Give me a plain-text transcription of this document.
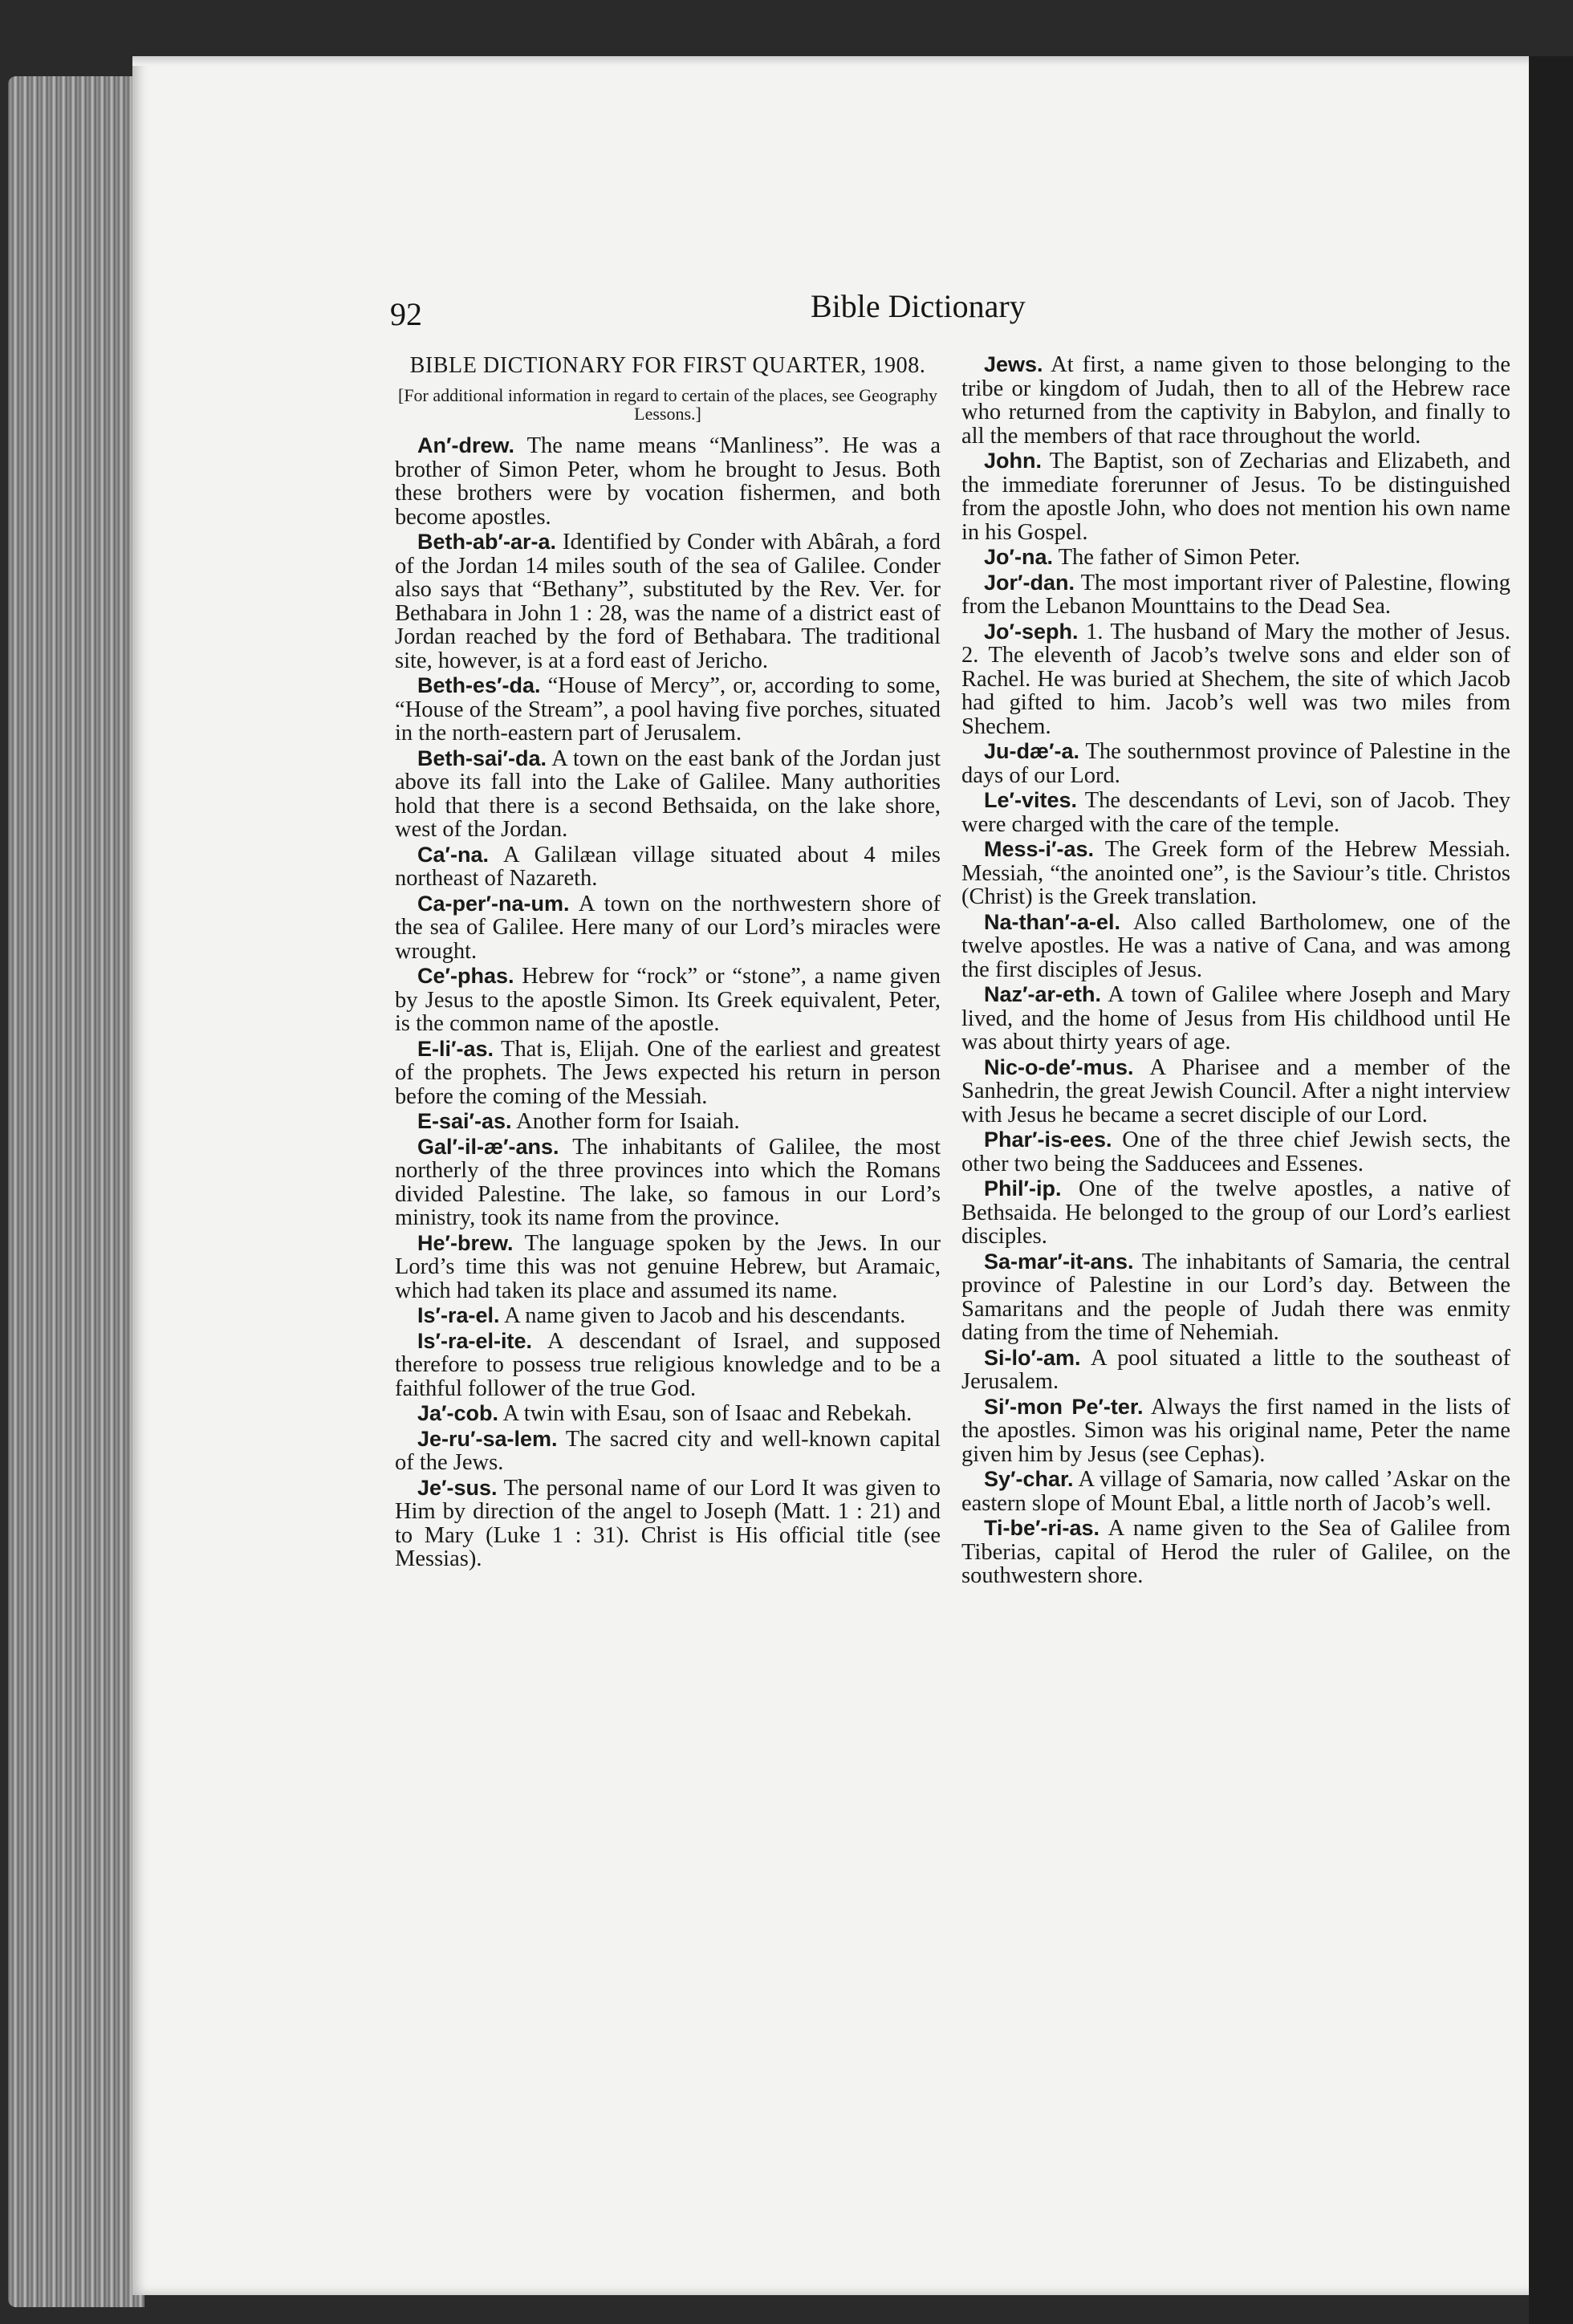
92	Bible Dictionary
BIBLE DICTIONARY FOR FIRST QUARTER, 1908.
[For additional information in regard to certain of the places, see Geography Lessons.]

An′-drew. The name means “Manliness”. He was a brother of Simon Peter, whom he brought to Jesus. Both these brothers were by vocation fishermen, and both become apostles.

Beth-ab′-ar-a. Identified by Conder with Abârah, a ford of the Jordan 14 miles south of the sea of Galilee. Conder also says that “Bethany”, substituted by the Rev. Ver. for Bethabara in John 1 : 28, was the name of a district east of Jordan reached by the ford of Bethabara. The traditional site, however, is at a ford east of Jericho.

Beth-es′-da. “House of Mercy”, or, according to some, “House of the Stream”, a pool having five porches, situated in the north-eastern part of Jerusalem.

Beth-sai′-da. A town on the east bank of the Jordan just above its fall into the Lake of Galilee. Many authorities hold that there is a second Bethsaida, on the lake shore, west of the Jordan.

Ca′-na. A Galilæan village situated about 4 miles northeast of Nazareth.

Ca-per′-na-um. A town on the northwestern shore of the sea of Galilee. Here many of our Lord’s miracles were wrought.

Ce′-phas. Hebrew for “rock” or “stone”, a name given by Jesus to the apostle Simon. Its Greek equivalent, Peter, is the common name of the apostle.

E-li′-as. That is, Elijah. One of the earliest and greatest of the prophets. The Jews expected his return in person before the coming of the Messiah.

E-sai′-as. Another form for Isaiah.

Gal′-il-æ′-ans. The inhabitants of Galilee, the most northerly of the three provinces into which the Romans divided Palestine. The lake, so famous in our Lord’s ministry, took its name from the province.

He′-brew. The language spoken by the Jews. In our Lord’s time this was not genuine Hebrew, but Aramaic, which had taken its place and assumed its name.

Is′-ra-el. A name given to Jacob and his descendants.

Is′-ra-el-ite. A descendant of Israel, and supposed therefore to possess true religious knowledge and to be a faithful follower of the true God.

Ja′-cob. A twin with Esau, son of Isaac and Rebekah.

Je-ru′-sa-lem. The sacred city and well-known capital of the Jews.

Je′-sus. The personal name of our Lord It was given to Him by direction of the angel to Joseph (Matt. 1 : 21) and to Mary (Luke 1 : 31). Christ is His official title (see Messias).

Jews. At first, a name given to those belonging to the tribe or kingdom of Judah, then to all of the Hebrew race who returned from the captivity in Babylon, and finally to all the members of that race throughout the world.

John. The Baptist, son of Zecharias and Elizabeth, and the immediate forerunner of Jesus. To be distinguished from the apostle John, who does not mention his own name in his Gospel.

Jo′-na. The father of Simon Peter.

Jor′-dan. The most important river of Palestine, flowing from the Lebanon Mounttains to the Dead Sea.

Jo′-seph. 1. The husband of Mary the mother of Jesus. 2. The eleventh of Jacob’s twelve sons and elder son of Rachel. He was buried at Shechem, the site of which Jacob had gifted to him. Jacob’s well was two miles from Shechem.

Ju-dæ′-a. The southernmost province of Palestine in the days of our Lord.

Le′-vites. The descendants of Levi, son of Jacob. They were charged with the care of the temple.

Mess-i′-as. The Greek form of the Hebrew Messiah. Messiah, “the anointed one”, is the Saviour’s title. Christos (Christ) is the Greek translation.

Na-than′-a-el. Also called Bartholomew, one of the twelve apostles. He was a native of Cana, and was among the first disciples of Jesus.

Naz′-ar-eth. A town of Galilee where Joseph and Mary lived, and the home of Jesus from His childhood until He was about thirty years of age.

Nic-o-de′-mus. A Pharisee and a member of the Sanhedrin, the great Jewish Council. After a night interview with Jesus he became a secret disciple of our Lord.

Phar′-is-ees. One of the three chief Jewish sects, the other two being the Sadducees and Essenes.

Phil′-ip. One of the twelve apostles, a native of Bethsaida. He belonged to the group of our Lord’s earliest disciples.

Sa-mar′-it-ans. The inhabitants of Samaria, the central province of Palestine in our Lord’s day. Between the Samaritans and the people of Judah there was enmity dating from the time of Nehemiah.

Si-lo′-am. A pool situated a little to the southeast of Jerusalem.

Si′-mon Pe′-ter. Always the first named in the lists of the apostles. Simon was his original name, Peter the name given him by Jesus (see Cephas).

Sy′-char. A village of Samaria, now called ’Askar on the eastern slope of Mount Ebal, a little north of Jacob’s well.

Ti-be′-ri-as. A name given to the Sea of Galilee from Tiberias, capital of Herod the ruler of Galilee, on the southwestern shore.
